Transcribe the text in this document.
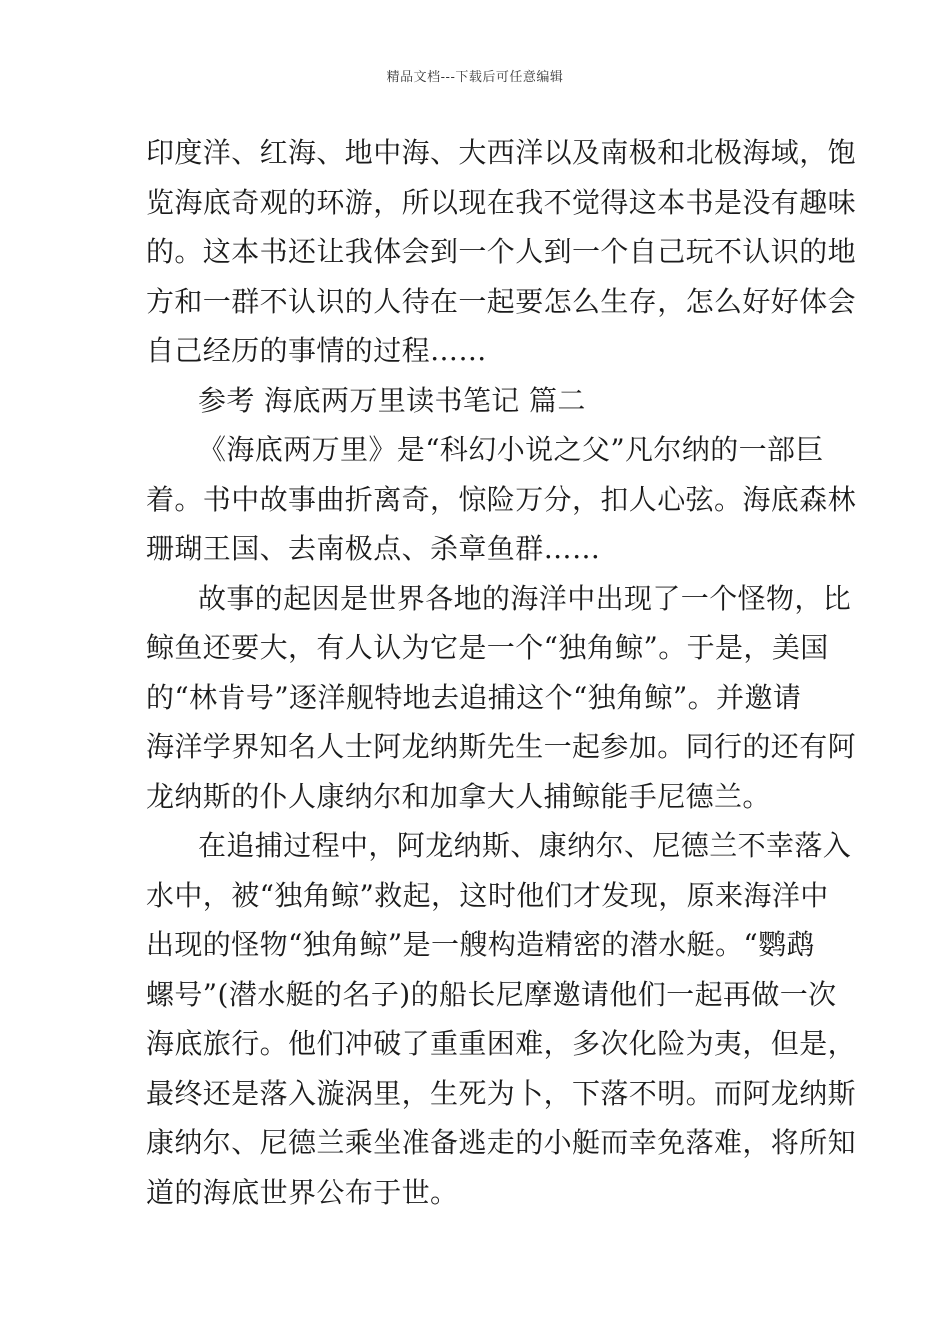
精品文档---下载后可任意编辑
印度洋、红海、地中海、大西洋以及南极和北极海域，饱
览海底奇观的环游，所以现在我不觉得这本书是没有趣味
的。这本书还让我体会到一个人到一个自己玩不认识的地
方和一群不认识的人待在一起要怎么生存，怎么好好体会
自己经历的事情的过程……
参考 海底两万里读书笔记 篇二
《海底两万里》是“科幻小说之父”凡尔纳的一部巨
着。书中故事曲折离奇，惊险万分，扣人心弦。海底森林
珊瑚王国、去南极点、杀章鱼群……
故事的起因是世界各地的海洋中出现了一个怪物，比
鲸鱼还要大，有人认为它是一个“独角鲸”。于是，美国
的“林肯号”逐洋舰特地去追捕这个“独角鲸”。并邀请
海洋学界知名人士阿龙纳斯先生一起参加。同行的还有阿
龙纳斯的仆人康纳尔和加拿大人捕鲸能手尼德兰。
在追捕过程中，阿龙纳斯、康纳尔、尼德兰不幸落入
水中，被“独角鲸”救起，这时他们才发现，原来海洋中
出现的怪物“独角鲸”是一艘构造精密的潜水艇。“鹦鹉
螺号”(潜水艇的名子)的船长尼摩邀请他们一起再做一次
海底旅行。他们冲破了重重困难，多次化险为夷，但是，
最终还是落入漩涡里，生死为卜，下落不明。而阿龙纳斯
康纳尔、尼德兰乘坐准备逃走的小艇而幸免落难，将所知
道的海底世界公布于世。
